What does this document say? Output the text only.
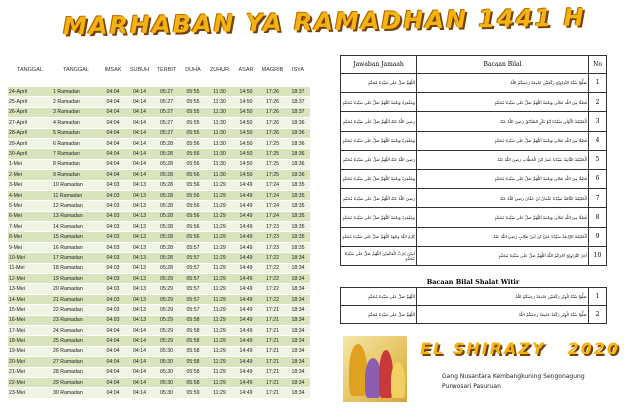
MARHABAN YA RAMADHAN 1441 H
TANGGAL	TANGGAL	IMSAK	SUBUH	TERBIT	DUHA	ZUHUR	ASAR	MAGRIB	ISYA
24-April	1 Ramadan	04:04	04:14	05:27	05:55	11:30	14:50	17:26	18:37
25-April	2 Ramadan	04:04	04:14	05:27	05:55	11:30	14:50	17:26	18:37
26-April	3 Ramadan	04:04	04:14	05:27	05:55	11:30	14:50	17:26	18:37
27-April	4 Ramadan	04:04	04:14	05:27	05:55	11:30	14:50	17:26	18:36
28-April	5 Ramadan	04:04	04:14	05:27	05:55	11:30	14:50	17:26	18:36
29-April	6 Ramadan	04:04	04:14	05:28	05:56	11:30	14:50	17:25	18:36
30-April	7 Ramadan	04:04	04:14	05:28	05:56	11:30	14:50	17:25	18:36
1-Mei	8 Ramadan	04:04	04:14	05:28	05:56	11:30	14:50	17:25	18:36
2-Mei	9 Ramadan	04:04	04:14	05:28	05:56	11:30	14:50	17:25	18:36
3-Mei	10 Ramadan	04:03	04:13	05:28	05:56	11:29	14:49	17:24	18:35
4-Mei	11 Ramadan	04:03	04:13	05:28	05:56	11:29	14:49	17:24	18:35
5-Mei	12 Ramadan	04:03	04:13	05:28	05:56	11:29	14:49	17:24	18:35
6-Mei	13 Ramadan	04:03	04:13	05:28	05:56	11:29	14:49	17:24	18:35
7-Mei	14 Ramadan	04:03	04:13	05:28	05:56	11:29	14:49	17:23	18:35
8-Mei	15 Ramadan	04:03	04:13	05:28	05:56	11:29	14:49	17:23	18:35
9-Mei	16 Ramadan	04:03	04:13	05:28	05:57	11:29	14:49	17:23	18:35
10-Mei	17 Ramadan	04:03	04:13	05:28	05:57	11:29	14:49	17:22	18:34
11-Mei	18 Ramadan	04:03	04:13	05:28	05:57	11:29	14:49	17:22	18:34
12-Mei	19 Ramadan	04:03	04:13	05:29	05:57	11:29	14:49	17:22	18:34
13-Mei	20 Ramadan	04:03	04:13	05:29	05:57	11:29	14:49	17:22	18:34
14-Mei	21 Ramadan	04:03	04:13	05:29	05:57	11:29	14:49	17:22	18:34
15-Mei	22 Ramadan	04:03	04:13	05:29	05:57	11:29	14:49	17:21	18:34
16-Mei	23 Ramadan	04:03	04:13	05:29	05:58	11:29	14:49	17:21	18:34
17-Mei	24 Ramadan	04:04	04:14	05:29	05:58	11:29	14:49	17:21	18:34
18-Mei	25 Ramadan	04:04	04:14	05:29	05:58	11:29	14:49	17:21	18:34
19-Mei	26 Ramadan	04:04	04:14	05:30	05:58	11:29	14:49	17:21	18:34
20-Mei	27 Ramadan	04:04	04:14	05:30	05:58	11:29	14:49	17:21	18:34
21-Mei	28 Ramadan	04:04	04:14	05:30	05:58	11:29	14:49	17:21	18:34
22-Mei	29 Ramadan	04:04	04:14	05:30	05:58	11:29	14:49	17:21	18:34
23-Mei	30 Ramadan	04:04	04:14	05:30	05:59	11:29	14:49	17:21	18:34
Jawaban Jamaah	Bacaan Bilal	No
اَللّٰهُمَّ صَلِّ عَلٰى سَيِّدِنَا مُحَمَّدٍ	صَلُّوْا سُنَّةَ التَّرَاوِيْحِ رَكْعَتَيْنِ جَامِعَةً رَحِمَكُمُ اللّٰهُ	1
وَمَغْفِرَةً وَنِعْمَةً اَللّٰهُمَّ صَلِّ عَلٰى سَيِّدِنَا مُحَمَّدٍ	فَضْلًا مِنَ اللّٰهِ تَعَالٰى وَنِعْمَةً اَللّٰهُمَّ صَلِّ عَلٰى سَيِّدِنَا مُحَمَّدٍ	2
رَضِيَ اللّٰهُ عَنْهُ اَللّٰهُمَّ صَلِّ عَلٰى سَيِّدِنَا مُحَمَّدٍ	اَلْخَلِيْفَةُ الْاُوْلٰى سَيِّدُنَا اَبُوْ بَكْرٍ الصِّدِّيْقُ رَضِيَ اللّٰهُ عَنْهُ	3
وَمَغْفِرَةً وَنِعْمَةً اَللّٰهُمَّ صَلِّ عَلٰى سَيِّدِنَا مُحَمَّدٍ	فَضْلًا مِنَ اللّٰهِ تَعَالٰى وَنِعْمَةً اَللّٰهُمَّ صَلِّ عَلٰى سَيِّدِنَا مُحَمَّدٍ	4
رَضِيَ اللّٰهُ عَنْهُ اَللّٰهُمَّ صَلِّ عَلٰى سَيِّدِنَا مُحَمَّدٍ	اَلْخَلِيْفَةُ الثَّانِيَةُ سَيِّدُنَا عُمَرُ ابْنُ الْخَطَّابِ رَضِيَ اللّٰهُ عَنْهُ	5
وَمَغْفِرَةً وَنِعْمَةً اَللّٰهُمَّ صَلِّ عَلٰى سَيِّدِنَا مُحَمَّدٍ	فَضْلًا مِنَ اللّٰهِ تَعَالٰى وَنِعْمَةً اَللّٰهُمَّ صَلِّ عَلٰى سَيِّدِنَا مُحَمَّدٍ	6
رَضِيَ اللّٰهُ عَنْهُ اَللّٰهُمَّ صَلِّ عَلٰى سَيِّدِنَا مُحَمَّدٍ	اَلْخَلِيْفَةُ الثَّالِثَةُ سَيِّدُنَا عُثْمَانُ بْنُ عَفَّانَ رَضِيَ اللّٰهُ عَنْهُ	7
وَمَغْفِرَةً وَنِعْمَةً اَللّٰهُمَّ صَلِّ عَلٰى سَيِّدِنَا مُحَمَّدٍ	فَضْلًا مِنَ اللّٰهِ تَعَالٰى وَنِعْمَةً اَللّٰهُمَّ صَلِّ عَلٰى سَيِّدِنَا مُحَمَّدٍ	8
كَرَّمَ اللّٰهُ وَجْهَهُ اَللّٰهُمَّ صَلِّ عَلٰى سَيِّدِنَا مُحَمَّدٍ	اَلْخَلِيْفَةُ الرَّابِعَةُ سَيِّدُنَا عَلِيُّ بْنُ اَبِيْ طَالِبٍ رَضِيَ اللّٰهُ عَنْهُ	9
اٰمِيْنَ يَارَبَّ الْعَالَمِيْنَ اَللّٰهُمَّ صَلِّ عَلٰى سَيِّدِنَا مُحَمَّدٍ	اٰخِرُ التَّرَاوِيْحِ اَجْرَكُمُ اللّٰهُ اَللّٰهُمَّ صَلِّ عَلٰى سَيِّدِنَا مُحَمَّدٍ	10
Bacaan Bilal Shalat Witir
اَللّٰهُمَّ صَلِّ عَلٰى سَيِّدِنَا مُحَمَّدٍ	صَلُّوْا سُنَّةَ الْوِتْرِ رَكْعَتَيْنِ جَامِعَةً رَحِمَكُمُ اللّٰهُ	1
اَللّٰهُمَّ صَلِّ عَلٰى سَيِّدِنَا مُحَمَّدٍ	صَلُّوْا سُنَّةَ الْوِتْرِ رَكْعَةً جَامِعَةً رَحِمَكُمُ اللّٰهُ	2
EL SHIRAZY 2020
Gang Nusantara Kembangkuning Sengonagung
Purwosari Pasuruan
